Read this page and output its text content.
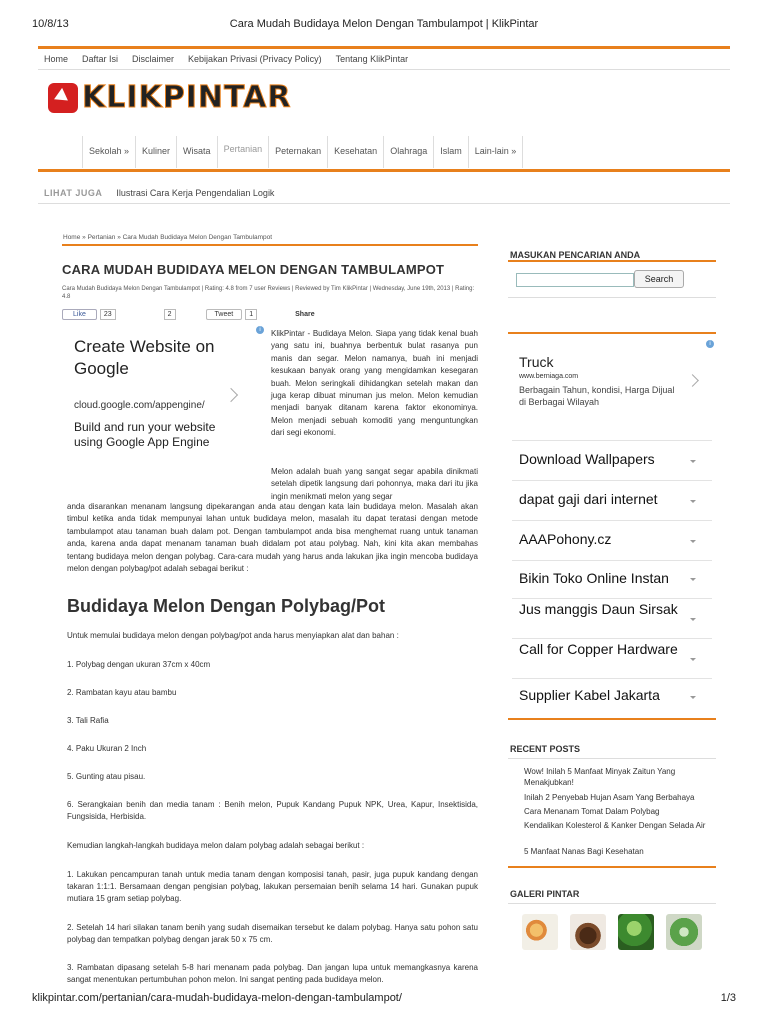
10/8/13	Cara Mudah Budidaya Melon Dengan Tambulampot | KlikPintar
Home Daftar Isi Disclaimer Kebijakan Privasi (Privacy Policy) Tentang KlikPintar
KLIKPINTAR
Sekolah »	Kuliner	Wisata	Pertanian	Peternakan	Kesehatan	Olahraga	Islam	Lain-lain »
LIHAT JUGA Ilustrasi Cara Kerja Pengendalian Logik
Home » Pertanian » Cara Mudah Budidaya Melon Dengan Tambulampot
CARA MUDAH BUDIDAYA MELON DENGAN TAMBULAMPOT
Cara Mudah Budidaya Melon Dengan Tambulampot | Rating: 4.8 from 7 user Reviews | Reviewed by Tim KlikPintar | Wednesday, June 19th, 2013 | Rating: 4.8
Like	23	2	Tweet	1	Share
i
Create Website on Google
cloud.google.com/appengine/
Build and run your website using Google App Engine
KlikPintar - Budidaya Melon. Siapa yang tidak kenal buah yang satu ini, buahnya berbentuk bulat rasanya pun manis dan segar. Melon namanya, buah ini menjadi kesukaan banyak orang yang mengidamkan kesegaran buah. Melon seringkali dihidangkan setelah makan dan juga kerap dibuat minuman jus melon. Melon kemudian menjadi banyak ditanam karena faktor ekonominya. Melon menjadi sebuah komoditi yang menguntungkan dari segi ekonomi.
Melon adalah buah yang sangat segar apabila dinikmati setelah dipetik langsung dari pohonnya, maka dari itu jika ingin menikmati melon yang segar
anda disarankan menanam langsung dipekarangan anda atau dengan kata lain budidaya melon. Masalah akan timbul ketika anda tidak mempunyai lahan untuk budidaya melon, masalah itu dapat teratasi dengan metode tambulampot atau tanaman buah dalam pot. Dengan tambulampot anda bisa menghemat ruang untuk tanaman anda, karena anda dapat menanam tanaman buah didalam pot atau polybag. Nah, kini kita akan membahas tentang budidaya melon dengan polybag. Cara-cara mudah yang harus anda lakukan jika ingin mencoba budidaya melon dengan polybag/pot adalah sebagai berikut :
Budidaya Melon Dengan Polybag/Pot
Untuk memulai budidaya melon dengan polybag/pot anda harus menyiapkan alat dan bahan :
1. Polybag dengan ukuran 37cm x 40cm
2. Rambatan kayu atau bambu
3. Tali Rafia
4. Paku Ukuran 2 Inch
5. Gunting atau pisau.
6. Serangkaian benih dan media tanam : Benih melon, Pupuk Kandang Pupuk NPK, Urea, Kapur, Insektisida, Fungsisida, Herbisida.
Kemudian langkah-langkah budidaya melon dalam polybag adalah sebagai berikut :
1. Lakukan pencampuran tanah untuk media tanam dengan komposisi tanah, pasir, juga pupuk kandang dengan takaran 1:1:1. Bersamaan dengan pengisian polybag, lakukan persemaian benih selama 14 hari. Gunakan pupuk mutiara 15 gram setiap polybag.
2. Setelah 14 hari silakan tanam benih yang sudah disemaikan tersebut ke dalam polybag. Hanya satu pohon satu polybag dan tempatkan polybag dengan jarak 50 x 75 cm.
3. Rambatan dipasang setelah 5-8 hari menanam pada polybag. Dan jangan lupa untuk memangkasnya karena sangat menentukan pertumbuhan pohon melon. Ini sangat penting pada budidaya melon.
MASUKAN PENCARIAN ANDA
Search
i
Truck
www.berniaga.com
Berbagain Tahun, kondisi, Harga Dijual di Berbagai Wilayah
Download Wallpapers
dapat gaji dari internet
AAAPohony.cz
Bikin Toko Online Instan
Jus manggis Daun Sirsak
Call for Copper Hardware
Supplier Kabel Jakarta
RECENT POSTS
Wow! Inilah 5 Manfaat Minyak Zaitun Yang Menakjubkan!
Inilah 2 Penyebab Hujan Asam Yang Berbahaya
Cara Menanam Tomat Dalam Polybag
Kendalikan Kolesterol & Kanker Dengan Selada Air
5 Manfaat Nanas Bagi Kesehatan
GALERI PINTAR
klikpintar.com/pertanian/cara-mudah-budidaya-melon-dengan-tambulampot/	1/3
